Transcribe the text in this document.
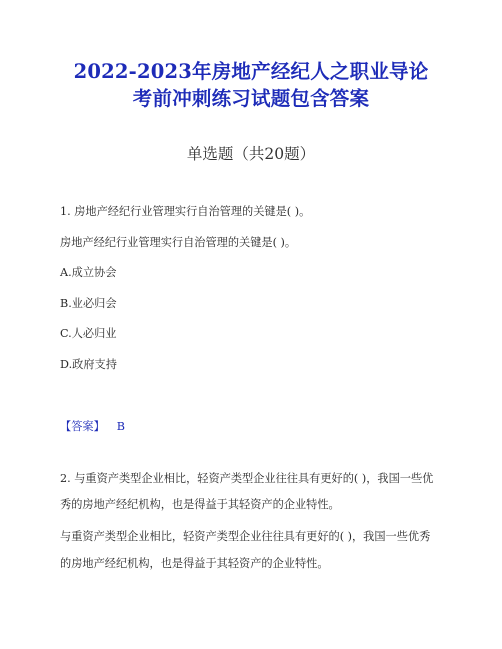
2022-2023年房地产经纪人之职业导论
考前冲刺练习试题包含答案
单选题（共20题）
1. 房地产经纪行业管理实行自治管理的关键是( )。
房地产经纪行业管理实行自治管理的关键是( )。
A.成立协会
B.业必归会
C.人必归业
D.政府支持
【答案】 B
2. 与重资产类型企业相比，轻资产类型企业往往具有更好的( )，我国一些优
秀的房地产经纪机构，也是得益于其轻资产的企业特性。
与重资产类型企业相比，轻资产类型企业往往具有更好的( )，我国一些优秀
的房地产经纪机构，也是得益于其轻资产的企业特性。
